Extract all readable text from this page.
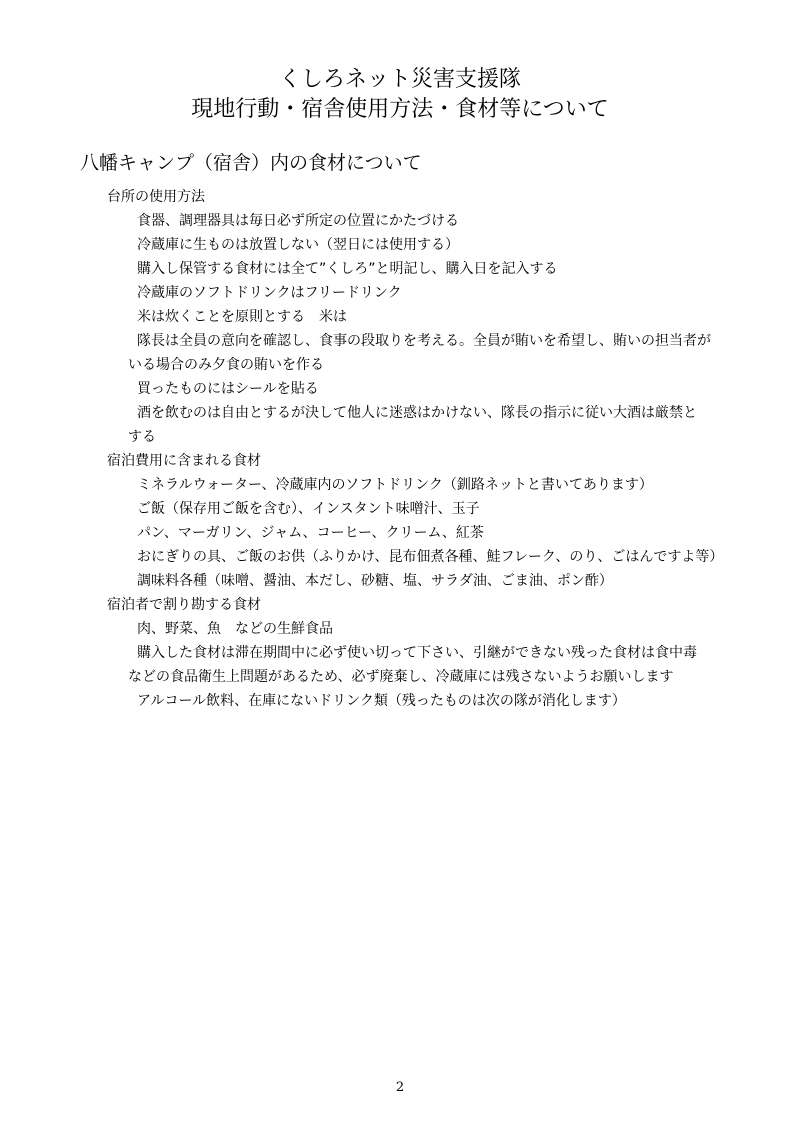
くしろネット災害支援隊
現地行動・宿舎使用方法・食材等について
八幡キャンプ（宿舎）内の食材について
台所の使用方法
食器、調理器具は毎日必ず所定の位置にかたづける
冷蔵庫に生ものは放置しない（翌日には使用する）
購入し保管する食材には全て”くしろ”と明記し、購入日を記入する
冷蔵庫のソフトドリンクはフリードリンク
米は炊くことを原則とする　米は
隊長は全員の意向を確認し、食事の段取りを考える。全員が賄いを希望し、賄いの担当者が
いる場合のみ夕食の賄いを作る
買ったものにはシールを貼る
酒を飲むのは自由とするが決して他人に迷惑はかけない、隊長の指示に従い大酒は厳禁と
する
宿泊費用に含まれる食材
ミネラルウォーター、冷蔵庫内のソフトドリンク（釧路ネットと書いてあります）
ご飯（保存用ご飯を含む）、インスタント味噌汁、玉子
パン、マーガリン、ジャム、コーヒー、クリーム、紅茶
おにぎりの具、ご飯のお供（ふりかけ、昆布佃煮各種、鮭フレーク、のり、ごはんですよ等）
調味料各種（味噌、醤油、本だし、砂糖、塩、サラダ油、ごま油、ポン酢）
宿泊者で割り勘する食材
肉、野菜、魚　などの生鮮食品
購入した食材は滞在期間中に必ず使い切って下さい、引継ができない残った食材は食中毒
などの食品衛生上問題があるため、必ず廃棄し、冷蔵庫には残さないようお願いします
アルコール飲料、在庫にないドリンク類（残ったものは次の隊が消化します）
2
